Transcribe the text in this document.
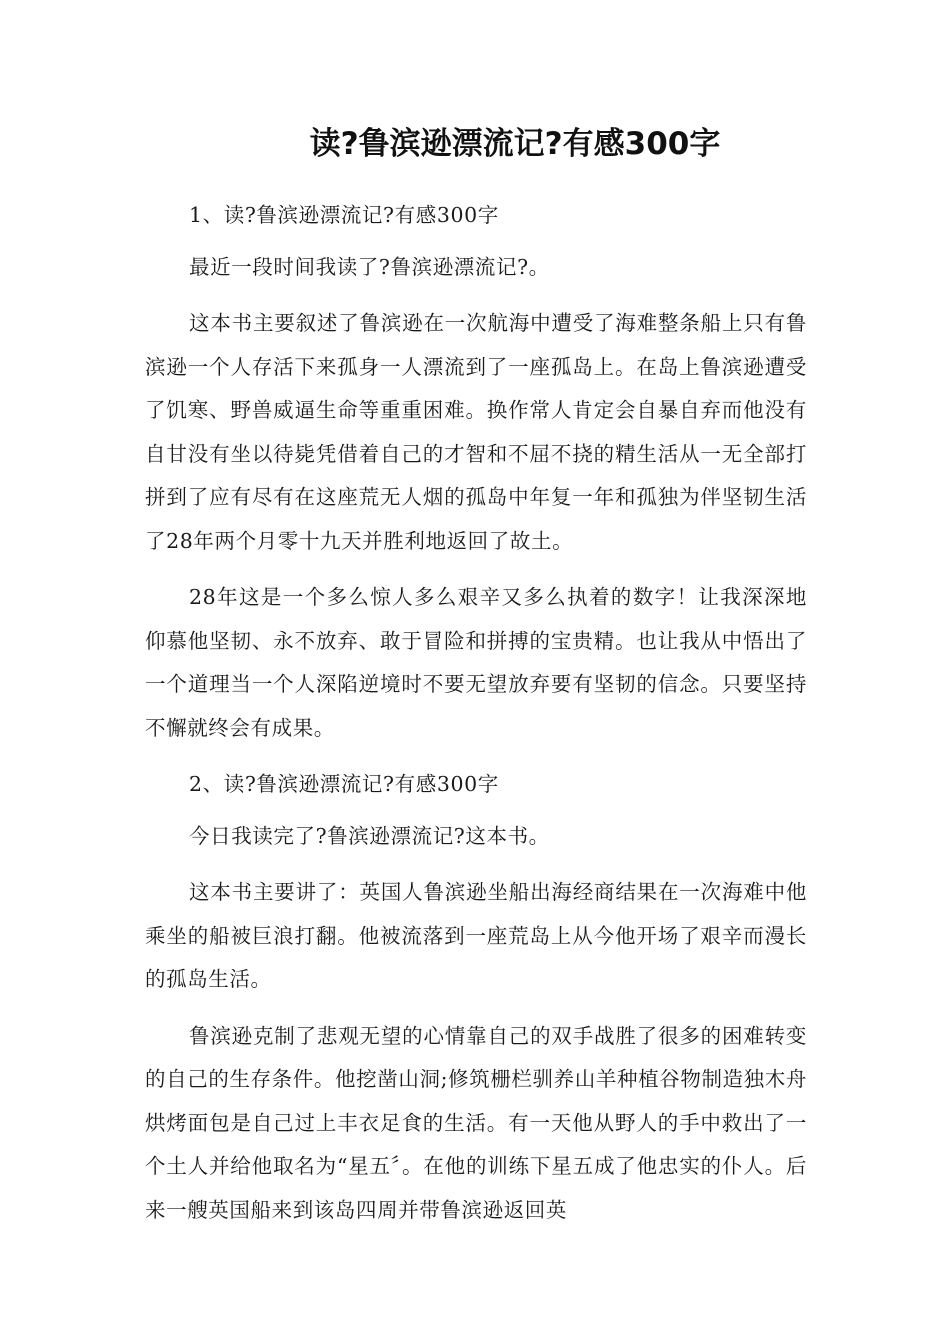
读?鲁滨逊漂流记?有感300字

1、读?鲁滨逊漂流记?有感300字

最近一段时间我读了?鲁滨逊漂流记?。

这本书主要叙述了鲁滨逊在一次航海中遭受了海难整条船上只有鲁滨逊一个人存活下来孤身一人漂流到了一座孤岛上。在岛上鲁滨逊遭受了饥寒、野兽威逼生命等重重困难。换作常人肯定会自暴自弃而他没有自甘没有坐以待毙凭借着自己的才智和不屈不挠的精生活从一无全部打拼到了应有尽有在这座荒无人烟的孤岛中年复一年和孤独为伴坚韧生活了28年两个月零十九天并胜利地返回了故土。

28年这是一个多么惊人多么艰辛又多么执着的数字！让我深深地仰慕他坚韧、永不放弃、敢于冒险和拼搏的宝贵精。也让我从中悟出了一个道理当一个人深陷逆境时不要无望放弃要有坚韧的信念。只要坚持不懈就终会有成果。

2、读?鲁滨逊漂流记?有感300字

今日我读完了?鲁滨逊漂流记?这本书。

这本书主要讲了：英国人鲁滨逊坐船出海经商结果在一次海难中他乘坐的船被巨浪打翻。他被流落到一座荒岛上从今他开场了艰辛而漫长的孤岛生活。

鲁滨逊克制了悲观无望的心情靠自己的双手战胜了很多的困难转变的自己的生存条件。他挖凿山洞;修筑栅栏驯养山羊种植谷物制造独木舟烘烤面包是自己过上丰衣足食的生活。有一天他从野人的手中救出了一个土人并给他取名为“星五〞。在他的训练下星五成了他忠实的仆人。后来一艘英国船来到该岛四周并带鲁滨逊返回英
